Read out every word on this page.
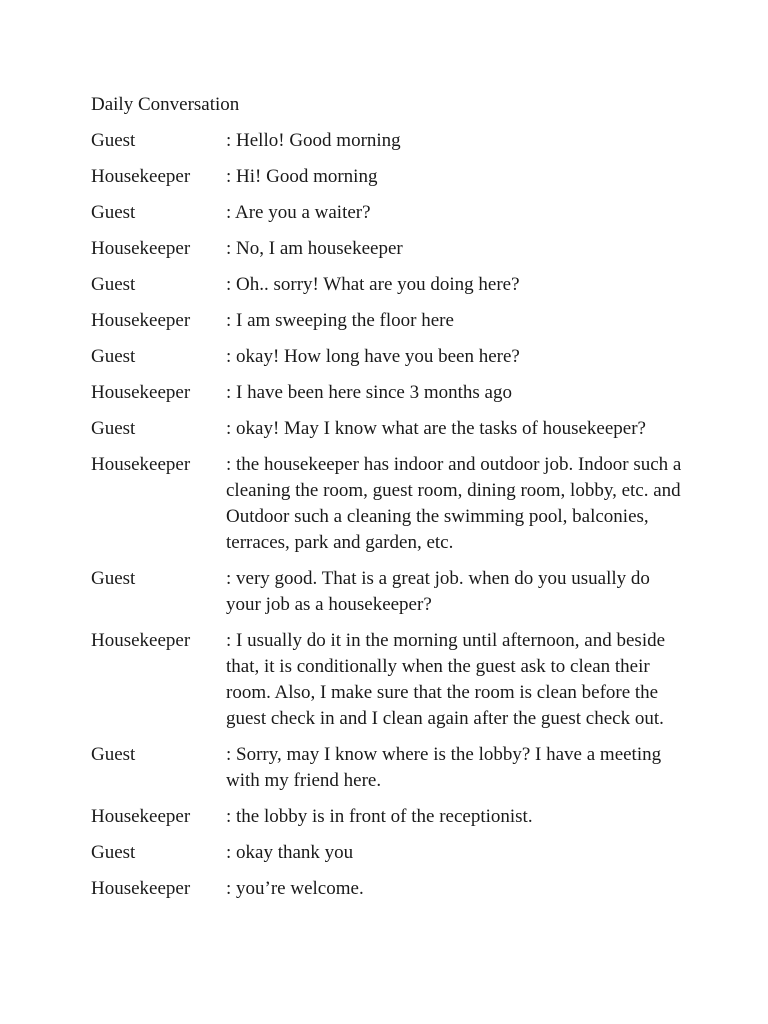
Daily Conversation
Guest	: Hello! Good morning
Housekeeper	: Hi! Good morning
Guest	: Are you a waiter?
Housekeeper	: No, I am housekeeper
Guest	: Oh.. sorry! What are you doing here?
Housekeeper	: I am sweeping the floor here
Guest	: okay! How long have you been here?
Housekeeper	: I have been here since 3 months ago
Guest	: okay! May I know what are the tasks of housekeeper?
Housekeeper	: the housekeeper has indoor and outdoor job. Indoor such a cleaning the room, guest room, dining room, lobby, etc. and Outdoor such a cleaning the swimming pool, balconies, terraces, park and garden, etc.
Guest	: very good. That is a great job. when do you usually do your job as a housekeeper?
Housekeeper	: I usually do it in the morning until afternoon, and beside that, it is conditionally when the guest ask to clean their room. Also, I make sure that the room is clean before the guest check in and I clean again after the guest check out.
Guest	: Sorry, may I know where is the lobby? I have a meeting with my friend here.
Housekeeper	: the lobby is in front of the receptionist.
Guest	: okay thank you
Housekeeper	: you’re welcome.
